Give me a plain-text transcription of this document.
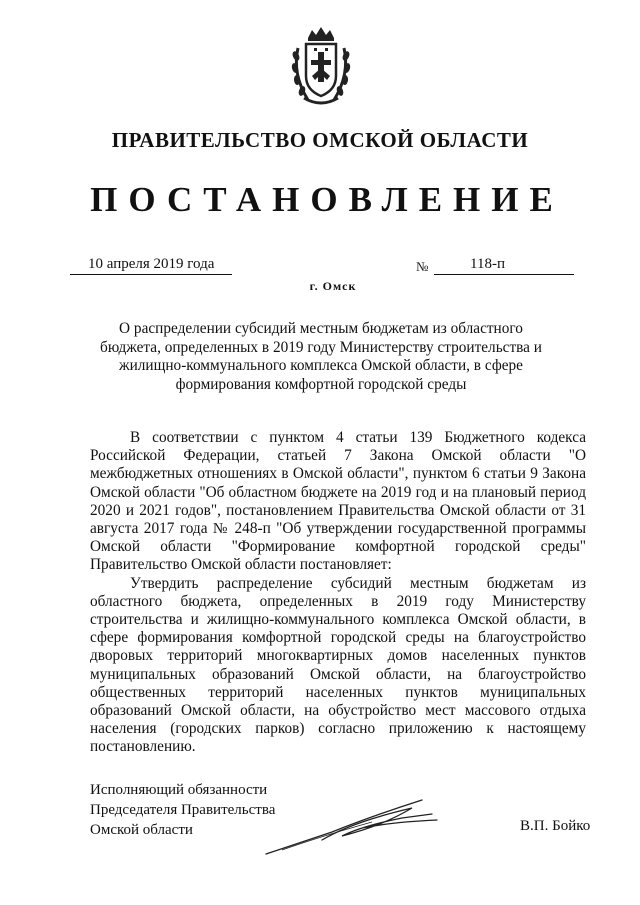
ПРАВИТЕЛЬСТВО ОМСКОЙ ОБЛАСТИ
ПОСТАНОВЛЕНИЕ
10 апреля 2019 года	№	118-п
г. Омск
О распределении субсидий местным бюджетам из областного бюджета, определенных в 2019 году Министерству строительства и жилищно-коммунального комплекса Омской области, в сфере формирования комфортной городской среды

В соответствии с пунктом 4 статьи 139 Бюджетного кодекса Российской Федерации, статьей 7 Закона Омской области "О межбюджетных отношениях в Омской области", пунктом 6 статьи 9 Закона Омской области "Об областном бюджете на 2019 год и на плановый период 2020 и 2021 годов", постановлением Правительства Омской области от 31 августа 2017 года № 248-п "Об утверждении государственной программы Омской области "Формирование комфортной городской среды" Правительство Омской области постановляет:

Утвердить распределение субсидий местным бюджетам из областного бюджета, определенных в 2019 году Министерству строительства и жилищно-коммунального комплекса Омской области, в сфере формирования комфортной городской среды на благоустройство дворовых территорий многоквартирных домов населенных пунктов муниципальных образований Омской области, на благоустройство общественных территорий населенных пунктов муниципальных образований Омской области, на обустройство мест массового отдыха населения (городских парков) согласно приложению к настоящему постановлению.

Исполняющий обязанности
Председателя Правительства
Омской области	В.П. Бойко
